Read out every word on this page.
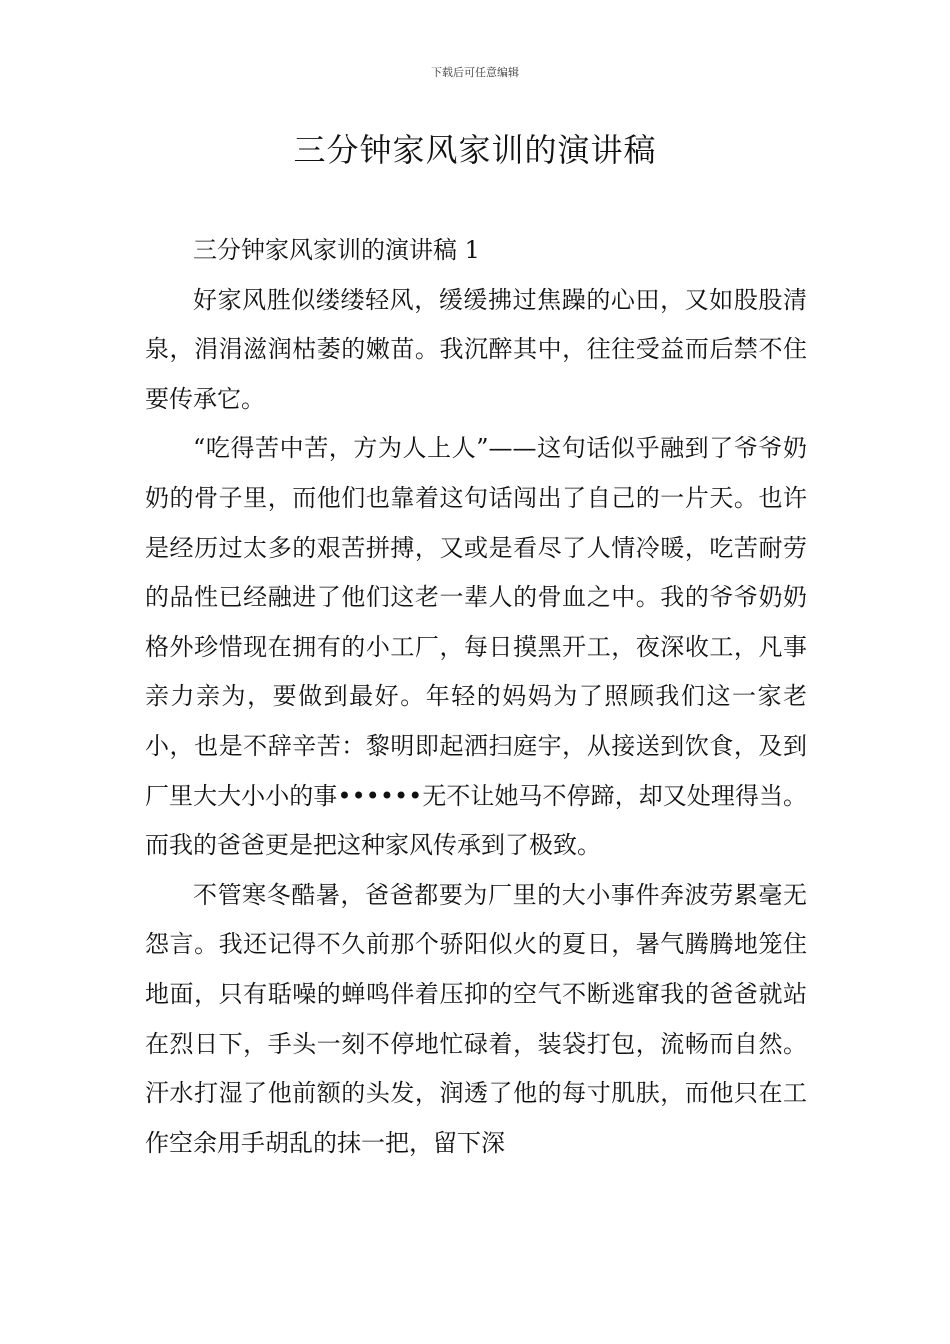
下载后可任意编辑
三分钟家风家训的演讲稿

三分钟家风家训的演讲稿 1

好家风胜似缕缕轻风，缓缓拂过焦躁的心田，又如股股清泉，涓涓滋润枯萎的嫩苗。我沉醉其中，往往受益而后禁不住要传承它。

“吃得苦中苦，方为人上人”——这句话似乎融到了爷爷奶奶的骨子里，而他们也靠着这句话闯出了自己的一片天。也许是经历过太多的艰苦拼搏，又或是看尽了人情冷暖，吃苦耐劳的品性已经融进了他们这老一辈人的骨血之中。我的爷爷奶奶格外珍惜现在拥有的小工厂，每日摸黑开工，夜深收工，凡事亲力亲为，要做到最好。年轻的妈妈为了照顾我们这一家老小，也是不辞辛苦：黎明即起洒扫庭宇，从接送到饮食，及到厂里大大小小的事••••••无不让她马不停蹄，却又处理得当。而我的爸爸更是把这种家风传承到了极致。

不管寒冬酷暑，爸爸都要为厂里的大小事件奔波劳累毫无怨言。我还记得不久前那个骄阳似火的夏日，暑气腾腾地笼住地面，只有聒噪的蝉鸣伴着压抑的空气不断逃窜我的爸爸就站在烈日下，手头一刻不停地忙碌着，装袋打包，流畅而自然。汗水打湿了他前额的头发，润透了他的每寸肌肤，而他只在工作空余用手胡乱的抹一把，留下深
